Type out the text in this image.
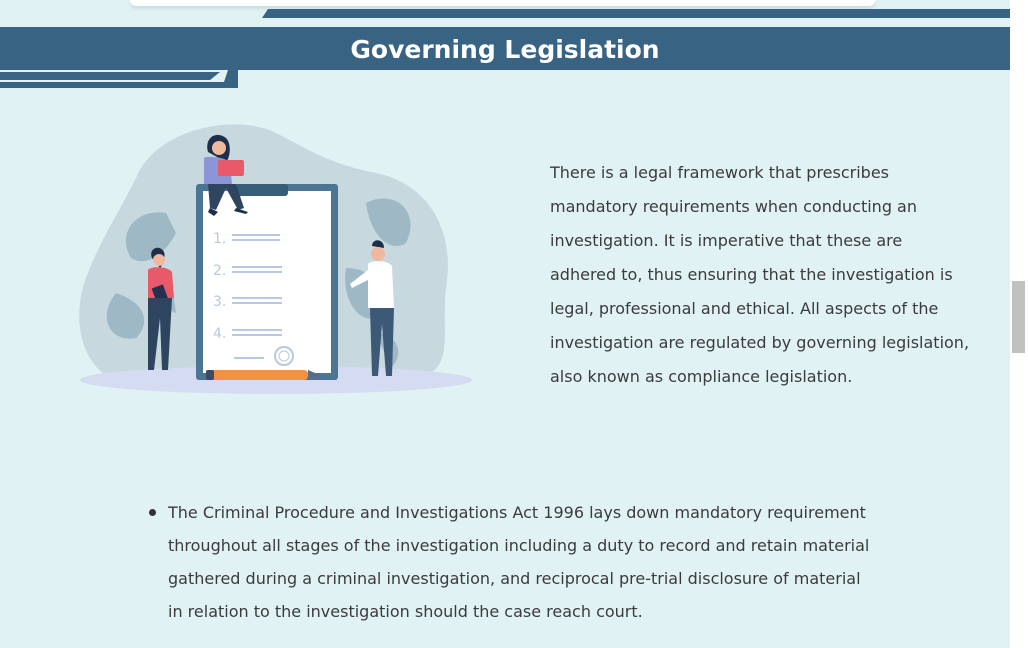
Governing Legislation
1.
2.
3.
4.

There is a legal framework that prescribes mandatory requirements when conducting an investigation. It is imperative that these are adhered to, thus ensuring that the investigation is legal, professional and ethical. All aspects of the investigation are regulated by governing legislation, also known as compliance legislation.

The Criminal Procedure and Investigations Act 1996 lays down mandatory requirement throughout all stages of the investigation including a duty to record and retain material gathered during a criminal investigation, and reciprocal pre-trial disclosure of material in relation to the investigation should the case reach court.
